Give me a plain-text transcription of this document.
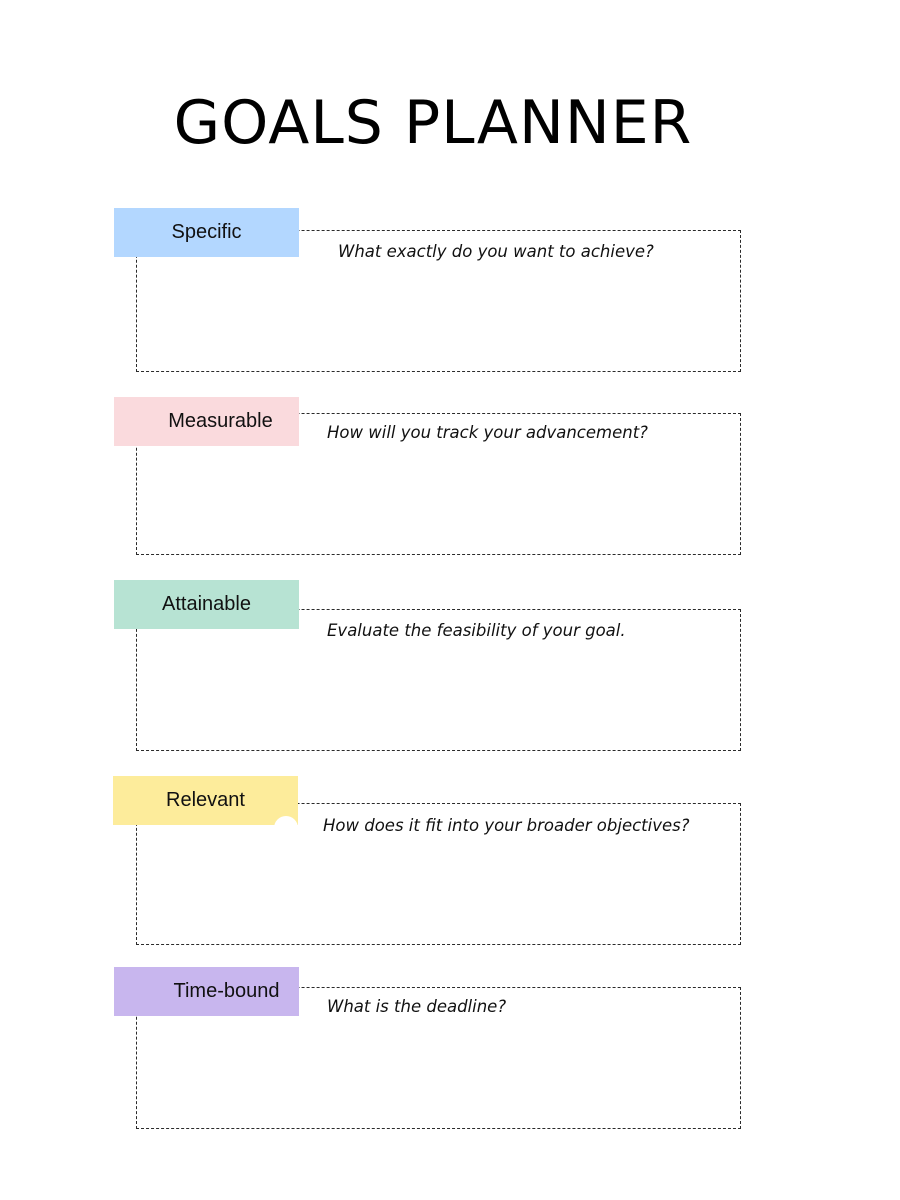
GOALS PLANNER
Specific
What exactly do you want to achieve?
Measurable
How will you track your advancement?
Attainable
Evaluate the feasibility of your goal.
Relevant
How does it fit into your broader objectives?
Time-bound
What is the deadline?
